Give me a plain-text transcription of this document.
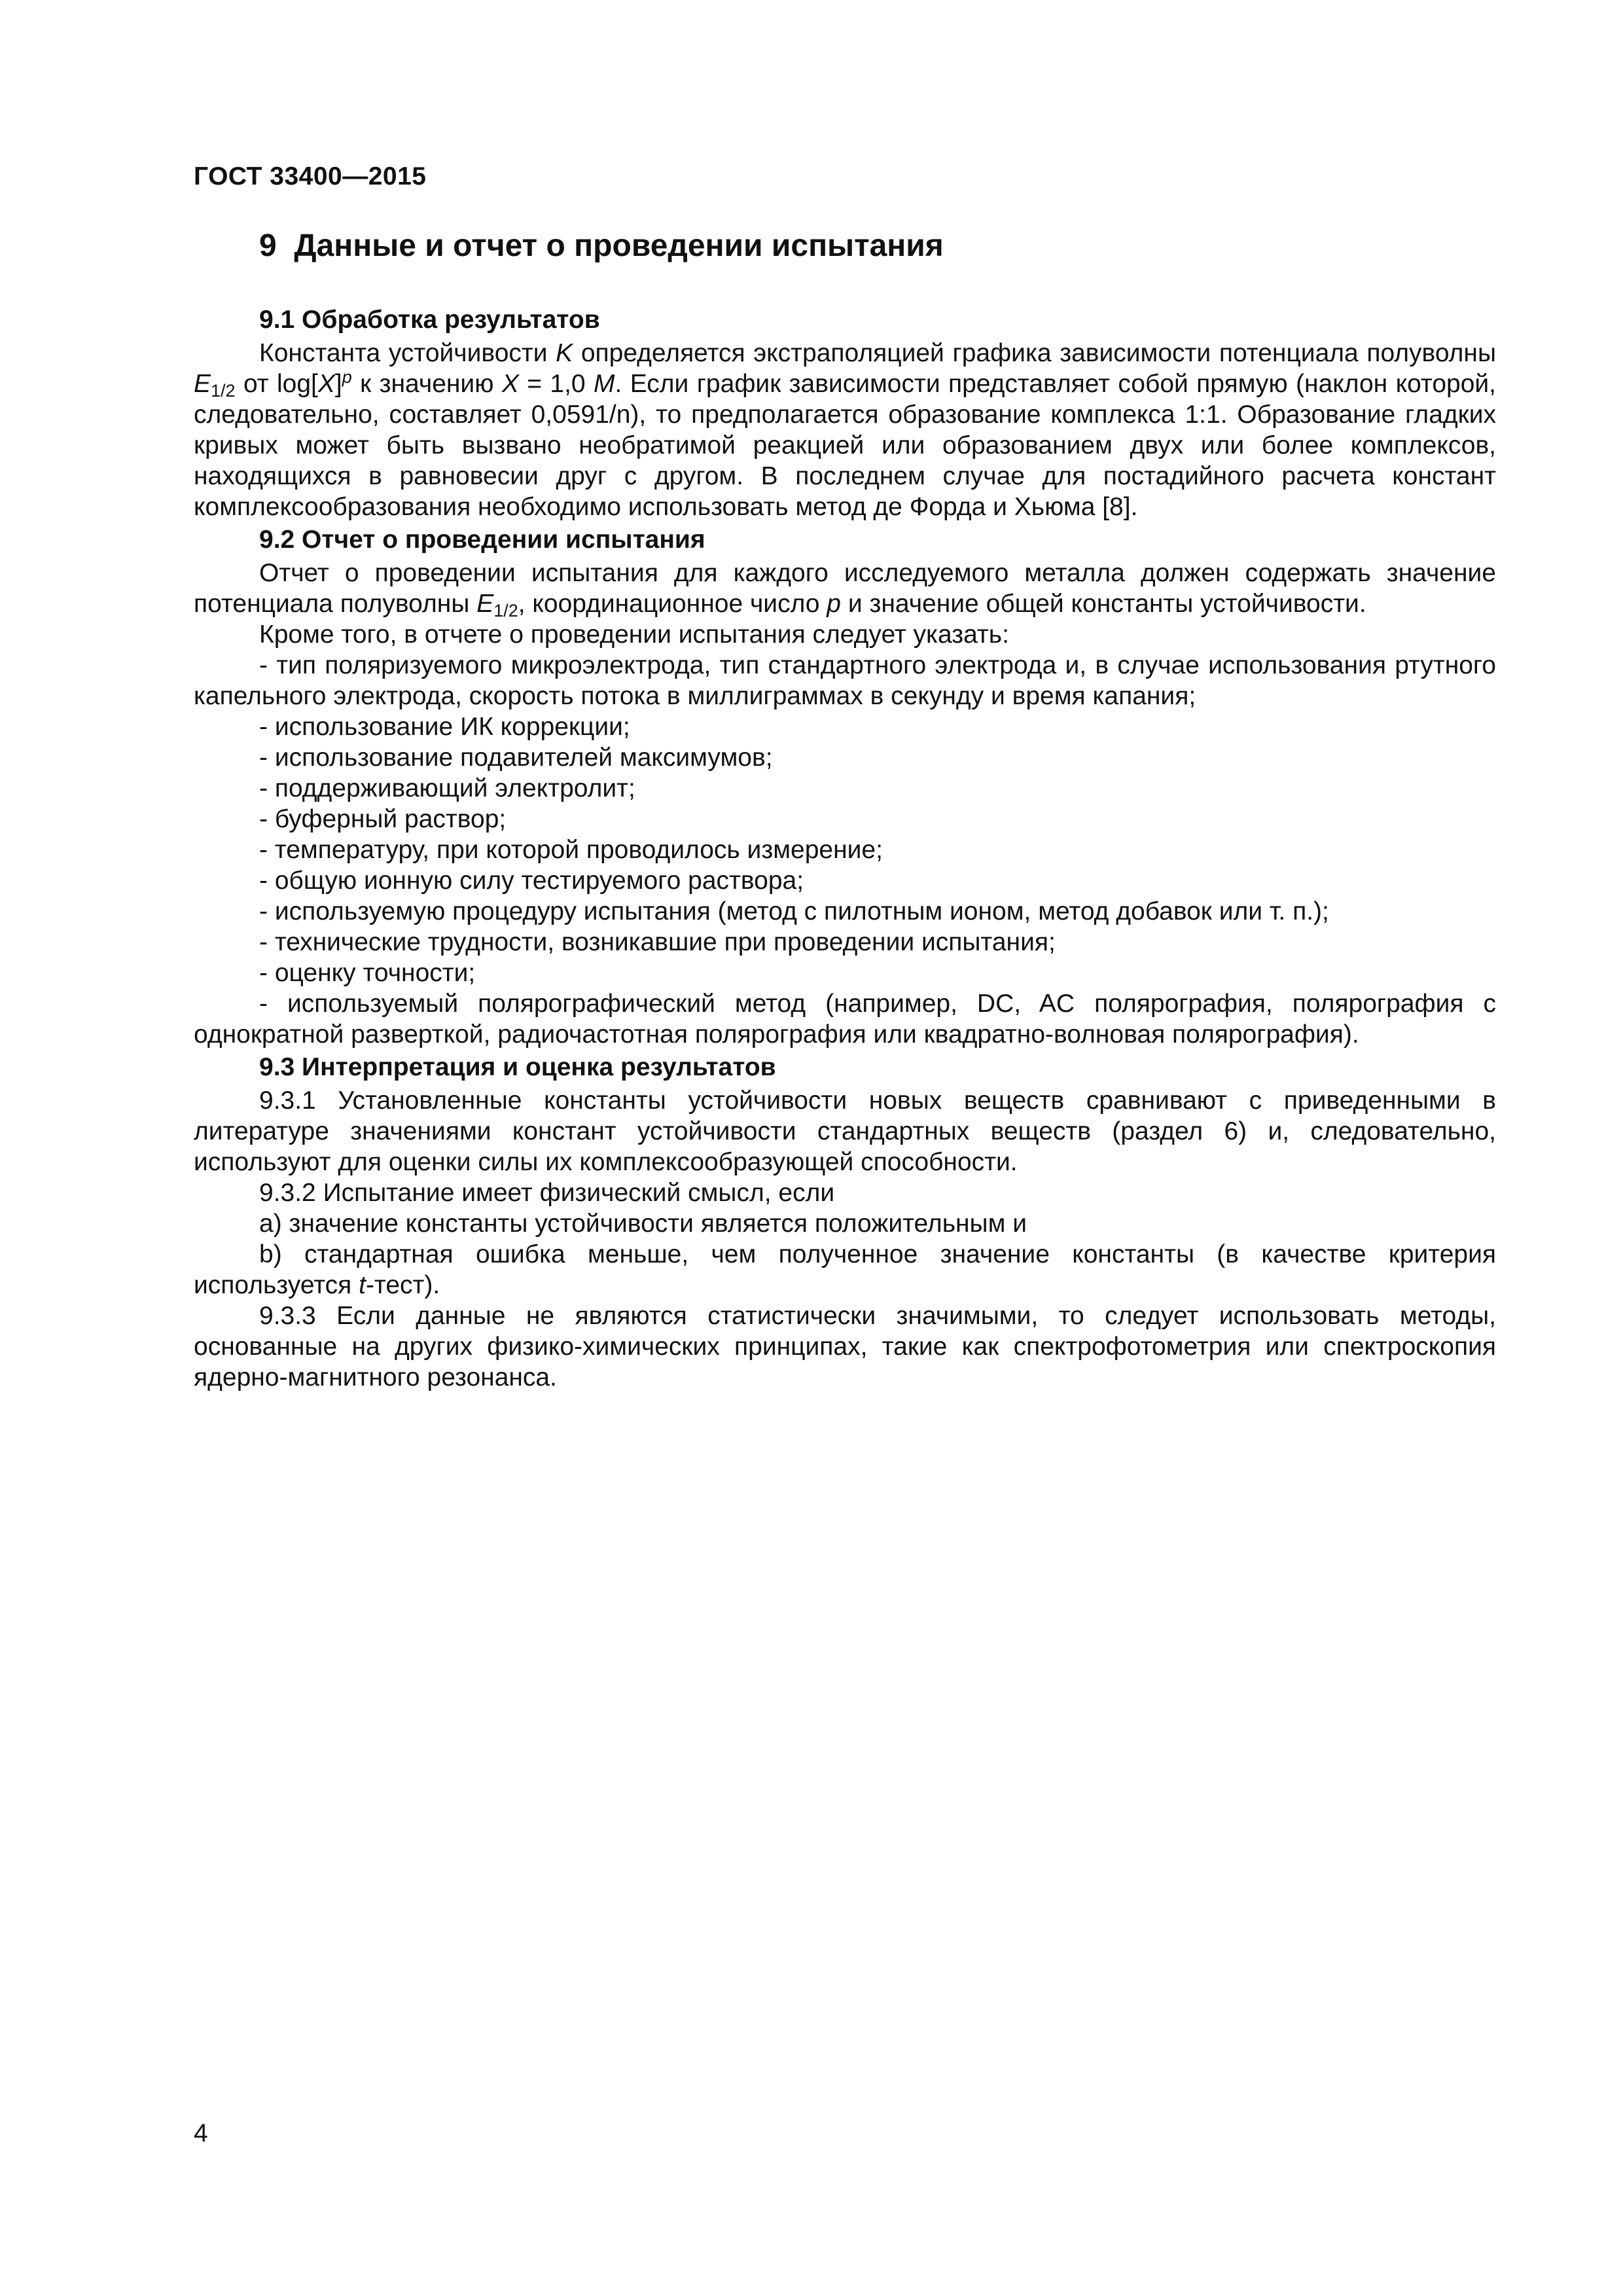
ГОСТ 33400—2015
9 Данные и отчет о проведении испытания
9.1 Обработка результатов

Константа устойчивости K определяется экстраполяцией графика зависимости потенциала полуволны $E_{1/2}$ от $\log[X]^p$ к значению X = 1,0 M. Если график зависимости представляет собой прямую (наклон которой, следовательно, составляет 0,0591/n), то предполагается образование комплекса 1:1. Образование гладких кривых может быть вызвано необратимой реакцией или образованием двух или более комплексов, находящихся в равновесии друг с другом. В последнем случае для постадийного расчета констант комплексообразования необходимо использовать метод де Форда и Хьюма [8].

9.2 Отчет о проведении испытания

Отчет о проведении испытания для каждого исследуемого металла должен содержать значение потенциала полуволны $E_{1/2}$, координационное число p и значение общей константы устойчивости.

Кроме того, в отчете о проведении испытания следует указать:

- тип поляризуемого микроэлектрода, тип стандартного электрода и, в случае использования ртутного капельного электрода, скорость потока в миллиграммах в секунду и время капания;

- использование ИК коррекции;

- использование подавителей максимумов;

- поддерживающий электролит;

- буферный раствор;

- температуру, при которой проводилось измерение;

- общую ионную силу тестируемого раствора;

- используемую процедуру испытания (метод с пилотным ионом, метод добавок или т. п.);

- технические трудности, возникавшие при проведении испытания;

- оценку точности;

- используемый полярографический метод (например, DC, AC полярография, полярография с однократной разверткой, радиочастотная полярография или квадратно-волновая полярография).

9.3 Интерпретация и оценка результатов

9.3.1 Установленные константы устойчивости новых веществ сравнивают с приведенными в литературе значениями констант устойчивости стандартных веществ (раздел 6) и, следовательно, используют для оценки силы их комплексообразующей способности.

9.3.2 Испытание имеет физический смысл, если

a) значение константы устойчивости является положительным и

b) стандартная ошибка меньше, чем полученное значение константы (в качестве критерия используется t-тест).

9.3.3 Если данные не являются статистически значимыми, то следует использовать методы, основанные на других физико-химических принципах, такие как спектрофотометрия или спектроскопия ядерно-магнитного резонанса.

4
